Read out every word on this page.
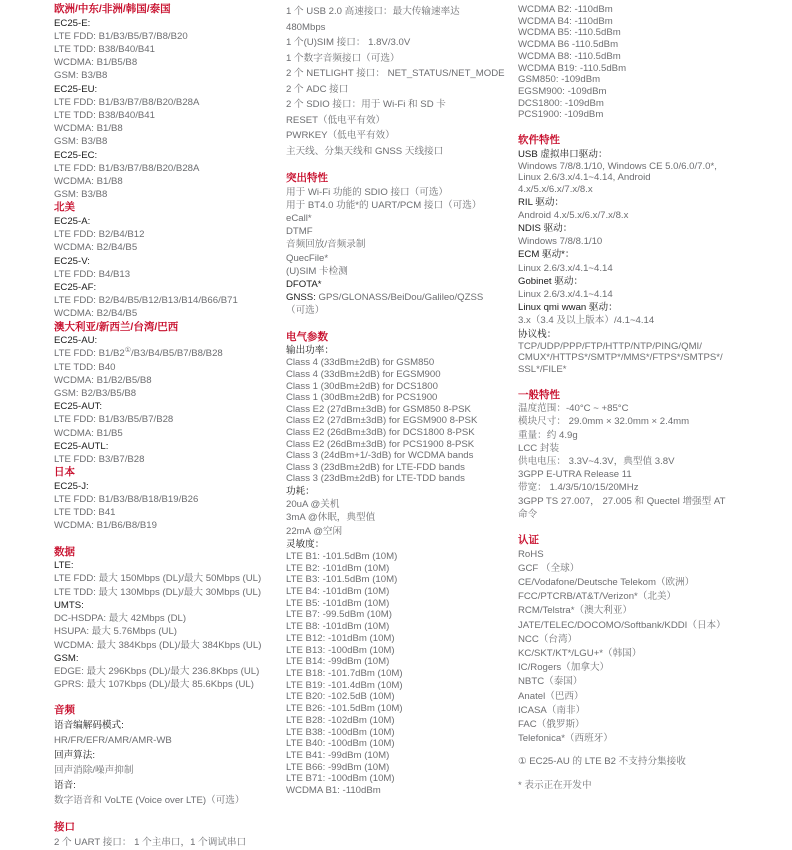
欧洲/中东/非洲/韩国/泰国
EC25-E:
LTE FDD: B1/B3/B5/B7/B8/B20
LTE TDD: B38/B40/B41
WCDMA: B1/B5/B8
GSM: B3/B8
EC25-EU:
LTE FDD: B1/B3/B7/B8/B20/B28A
LTE TDD: B38/B40/B41
WCDMA: B1/B8
GSM: B3/B8
EC25-EC:
LTE FDD: B1/B3/B7/B8/B20/B28A
WCDMA: B1/B8
GSM: B3/B8
北美
EC25-A:
LTE FDD: B2/B4/B12
WCDMA: B2/B4/B5
EC25-V:
LTE FDD: B4/B13
EC25-AF:
LTE FDD: B2/B4/B5/B12/B13/B14/B66/B71
WCDMA: B2/B4/B5
澳大利亚/新西兰/台湾/巴西
EC25-AU:
LTE FDD: B1/B2①/B3/B4/B5/B7/B8/B28
LTE TDD: B40
WCDMA: B1/B2/B5/B8
GSM: B2/B3/B5/B8
EC25-AUT:
LTE FDD: B1/B3/B5/B7/B28
WCDMA: B1/B5
EC25-AUTL:
LTE FDD: B3/B7/B28
日本
EC25-J:
LTE FDD: B1/B3/B8/B18/B19/B26
LTE TDD: B41
WCDMA: B1/B6/B8/B19
数据
LTE:
LTE FDD: 最大 150Mbps (DL)/最大 50Mbps (UL)
LTE TDD: 最大 130Mbps (DL)/最大 30Mbps (UL)
UMTS:
DC-HSDPA: 最大 42Mbps (DL)
HSUPA: 最大 5.76Mbps (UL)
WCDMA: 最大 384Kbps (DL)/最大 384Kbps (UL)
GSM:
EDGE: 最大 296Kbps (DL)/最大 236.8Kbps (UL)
GPRS: 最大 107Kbps (DL)/最大 85.6Kbps (UL)
音频
语音编解码模式:
HR/FR/EFR/AMR/AMR-WB
回声算法:
回声消除/噪声抑制
语音:
数字语音和 VoLTE (Voice over LTE)（可选）
接口
2 个 UART 接口： 1 个主串口，1 个调试串口
1 个 USB 2.0 高速接口：最大传输速率达
480Mbps
1 个(U)SIM 接口： 1.8V/3.0V
1 个数字音频接口（可选）
2 个 NETLIGHT 接口： NET_STATUS/NET_MODE
2 个 ADC 接口
2 个 SDIO 接口：用于 Wi-Fi 和 SD 卡
RESET（低电平有效）
PWRKEY（低电平有效）
主天线、分集天线和 GNSS 天线接口
突出特性
用于 Wi-Fi 功能的 SDIO 接口（可选）
用于 BT4.0 功能*的 UART/PCM 接口（可选）
eCall*
DTMF
音频回放/音频录制
QuecFile*
(U)SIM 卡检测
DFOTA*
GNSS: GPS/GLONASS/BeiDou/Galileo/QZSS（可选）
电气参数
输出功率：
Class 4 (33dBm±2dB) for GSM850
Class 4 (33dBm±2dB) for EGSM900
Class 1 (30dBm±2dB) for DCS1800
Class 1 (30dBm±2dB) for PCS1900
Class E2 (27dBm±3dB) for GSM850 8-PSK
Class E2 (27dBm±3dB) for EGSM900 8-PSK
Class E2 (26dBm±3dB) for DCS1800 8-PSK
Class E2 (26dBm±3dB) for PCS1900 8-PSK
Class 3 (24dBm+1/-3dB) for WCDMA bands
Class 3 (23dBm±2dB) for LTE-FDD bands
Class 3 (23dBm±2dB) for LTE-TDD bands
功耗：
20uA @关机
3mA @休眠，典型值
22mA @空闲
灵敏度：
LTE B1: -101.5dBm (10M)
LTE B2: -101dBm (10M)
LTE B3: -101.5dBm (10M)
LTE B4: -101dBm (10M)
LTE B5: -101dBm (10M)
LTE B7: -99.5dBm (10M)
LTE B8: -101dBm (10M)
LTE B12: -101dBm (10M)
LTE B13: -100dBm (10M)
LTE B14: -99dBm (10M)
LTE B18: -101.7dBm (10M)
LTE B19: -101.4dBm (10M)
LTE B20: -102.5dB (10M)
LTE B26: -101.5dBm (10M)
LTE B28: -102dBm (10M)
LTE B38: -100dBm (10M)
LTE B40: -100dBm (10M)
LTE B41: -99dBm (10M)
LTE B66: -99dBm (10M)
LTE B71: -100dBm (10M)
WCDMA B1: -110dBm
WCDMA B2: -110dBm
WCDMA B4: -110dBm
WCDMA B5: -110.5dBm
WCDMA B6 -110.5dBm
WCDMA B8: -110.5dBm
WCDMA B19: -110.5dBm
GSM850: -109dBm
EGSM900: -109dBm
DCS1800: -109dBm
PCS1900: -109dBm
软件特性
USB 虚拟串口驱动：
Windows 7/8/8.1/10, Windows CE 5.0/6.0/7.0*,
Linux 2.6/3.x/4.1~4.14, Android
4.x/5.x/6.x/7.x/8.x
RIL 驱动：
Android 4.x/5.x/6.x/7.x/8.x
NDIS 驱动：
Windows 7/8/8.1/10
ECM 驱动*：
Linux 2.6/3.x/4.1~4.14
Gobinet 驱动：
Linux 2.6/3.x/4.1~4.14
Linux qmi wwan 驱动：
3.x（3.4 及以上版本）/4.1~4.14
协议栈：
TCP/UDP/PPP/FTP/HTTP/NTP/PING/QMI/
CMUX*/HTTPS*/SMTP*/MMS*/FTPS*/SMTPS*/
SSL*/FILE*
一般特性
温度范围：-40°C ~ +85°C
模块尺寸： 29.0mm × 32.0mm × 2.4mm
重量：约 4.9g
LCC 封装
供电电压： 3.3V~4.3V，典型值 3.8V
3GPP E-UTRA Release 11
带宽： 1.4/3/5/10/15/20MHz
3GPP TS 27.007， 27.005 和 Quectel 增强型 AT
命令
认证
RoHS
GCF （全球）
CE/Vodafone/Deutsche Telekom（欧洲）
FCC/PTCRB/AT&T/Verizon*（北美）
RCM/Telstra*（澳大利亚）
JATE/TELEC/DOCOMO/Softbank/KDDI（日本）
NCC（台湾）
KC/SKT/KT*/LGU+*（韩国）
IC/Rogers（加拿大）
NBTC（泰国）
Anatel（巴西）
ICASA（南非）
FAC（俄罗斯）
Telefonica*（西班牙）
① EC25-AU 的 LTE B2 不支持分集接收
* 表示正在开发中
